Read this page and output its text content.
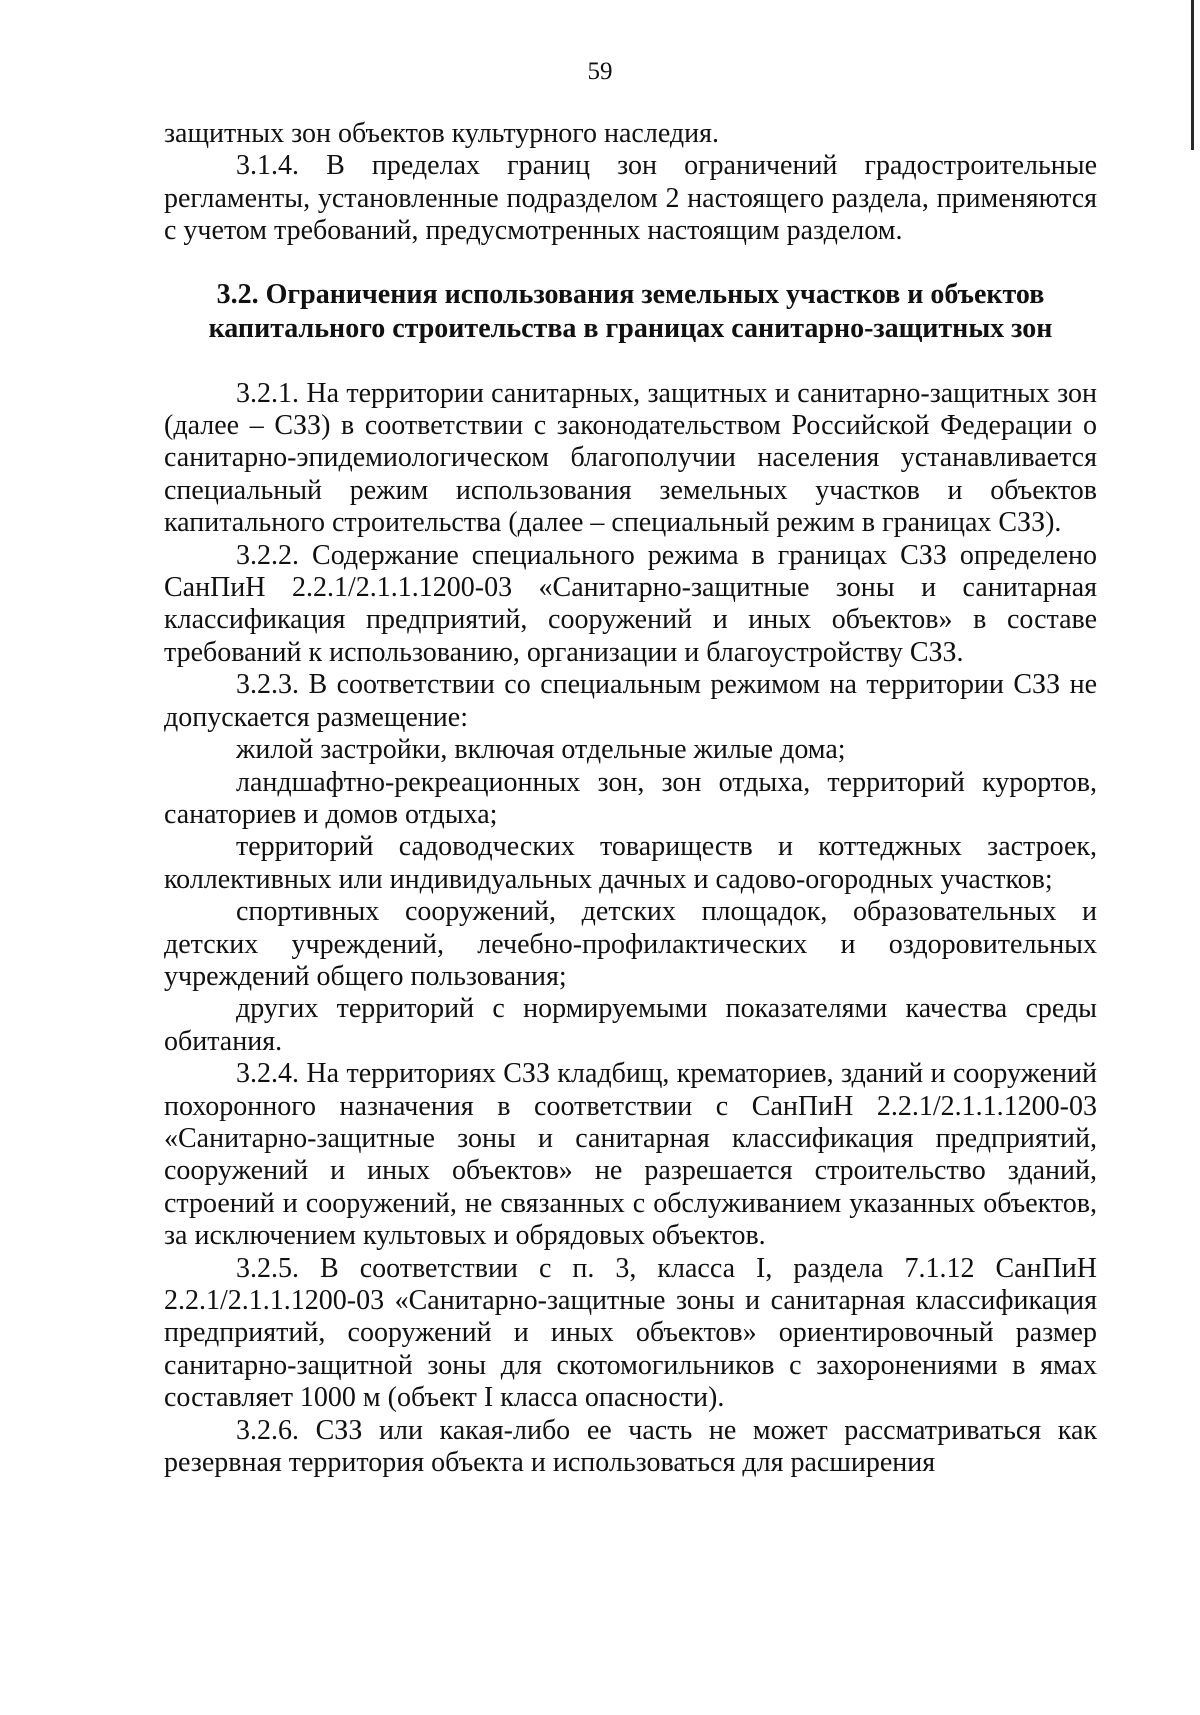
59

защитных зон объектов культурного наследия.

3.1.4. В пределах границ зон ограничений градостроительные регламенты, установленные подразделом 2 настоящего раздела, применяются с учетом требований, предусмотренных настоящим разделом.

3.2. Ограничения использования земельных участков и объектов
капитального строительства в границах санитарно-защитных зон

3.2.1. На территории санитарных, защитных и санитарно-защитных зон (далее – СЗЗ) в соответствии с законодательством Российской Федерации о санитарно-эпидемиологическом благополучии населения устанавливается специальный режим использования земельных участков и объектов капитального строительства (далее – специальный режим в границах СЗЗ).

3.2.2. Содержание специального режима в границах СЗЗ определено СанПиН 2.2.1/2.1.1.1200-03 «Санитарно-защитные зоны и санитарная классификация предприятий, сооружений и иных объектов» в составе требований к использованию, организации и благоустройству СЗЗ.

3.2.3. В соответствии со специальным режимом на территории СЗЗ не допускается размещение:

жилой застройки, включая отдельные жилые дома;

ландшафтно-рекреационных зон, зон отдыха, территорий курортов, санаториев и домов отдыха;

территорий садоводческих товариществ и коттеджных застроек, коллективных или индивидуальных дачных и садово-огородных участков;

спортивных сооружений, детских площадок, образовательных и детских учреждений, лечебно-профилактических и оздоровительных учреждений общего пользования;

других территорий с нормируемыми показателями качества среды обитания.

3.2.4. На территориях СЗЗ кладбищ, крематориев, зданий и сооружений похоронного назначения в соответствии с СанПиН 2.2.1/2.1.1.1200-03 «Санитарно-защитные зоны и санитарная классификация предприятий, сооружений и иных объектов» не разрешается строительство зданий, строений и сооружений, не связанных с обслуживанием указанных объектов, за исключением культовых и обрядовых объектов.

3.2.5. В соответствии с п. 3, класса I, раздела 7.1.12 СанПиН 2.2.1/2.1.1.1200-03 «Санитарно-защитные зоны и санитарная классификация предприятий, сооружений и иных объектов» ориентировочный размер санитарно-защитной зоны для скотомогильников с захоронениями в ямах составляет 1000 м (объект I класса опасности).

3.2.6. СЗЗ или какая-либо ее часть не может рассматриваться как резервная территория объекта и использоваться для расширения
